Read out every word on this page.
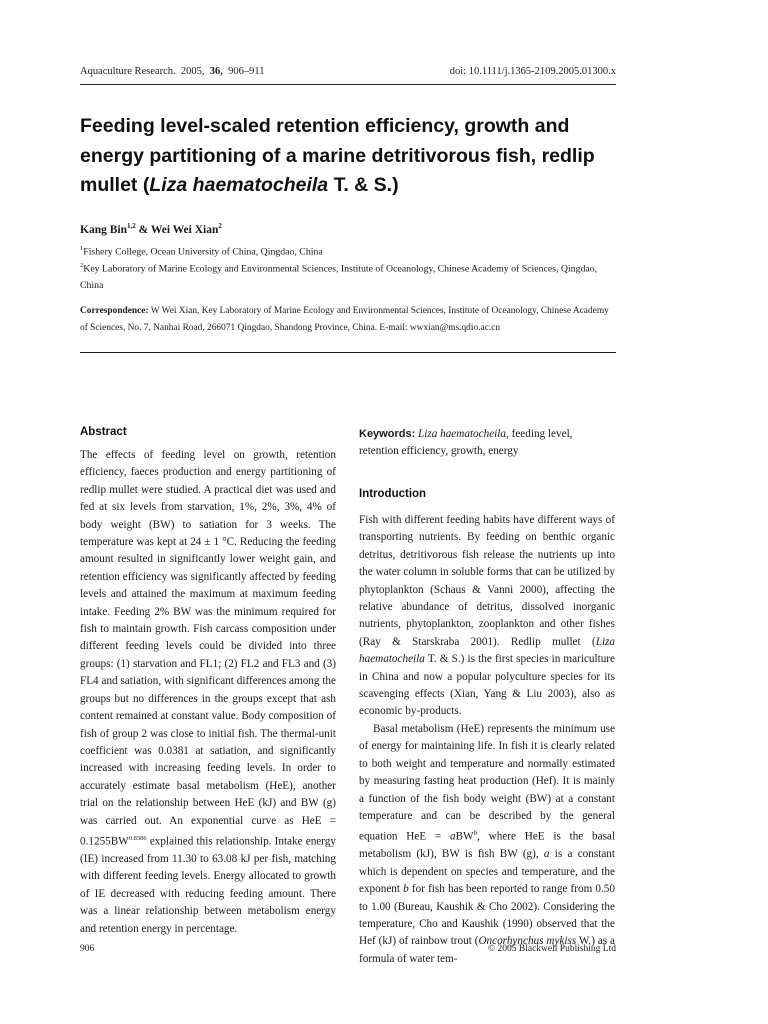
Aquaculture Research. 2005, 36, 906–911	doi: 10.1111/j.1365-2109.2005.01300.x
Feeding level-scaled retention efficiency, growth and energy partitioning of a marine detritivorous fish, redlip mullet (Liza haematocheila T. & S.)
Kang Bin$^{1,2}$ & Wei Wei Xian$^2$
$^1$Fishery College, Ocean University of China, Qingdao, China
$^2$Key Laboratory of Marine Ecology and Environmental Sciences, Institute of Oceanology, Chinese Academy of Sciences, Qingdao, China
Correspondence: W Wei Xian, Key Laboratory of Marine Ecology and Environmental Sciences, Institute of Oceanology, Chinese Academy of Sciences, No. 7, Nanhai Road, 266071 Qingdao, Shandong Province, China. E-mail: wwxian@ms.qdio.ac.cn
Abstract

The effects of feeding level on growth, retention efficiency, faeces production and energy partitioning of redlip mullet were studied. A practical diet was used and fed at six levels from starvation, 1%, 2%, 3%, 4% of body weight (BW) to satiation for 3 weeks. The temperature was kept at 24 ± 1 °C. Reducing the feeding amount resulted in significantly lower weight gain, and retention efficiency was significantly affected by feeding levels and attained the maximum at maximum feeding intake. Feeding 2% BW was the minimum required for fish to maintain growth. Fish carcass composition under different feeding levels could be divided into three groups: (1) starvation and FL1; (2) FL2 and FL3 and (3) FL4 and satiation, with significant differences among the groups but no differences in the groups except that ash content remained at constant value. Body composition of fish of group 2 was close to initial fish. The thermal-unit coefficient was 0.0381 at satiation, and significantly increased with increasing feeding levels. In order to accurately estimate basal metabolism (HeE), another trial on the relationship between HeE (kJ) and BW (g) was carried out. An exponential curve as HeE = $0.1255BW^{0.8386}$ explained this relationship. Intake energy (IE) increased from 11.30 to 63.08 kJ per fish, matching with different feeding levels. Energy allocated to growth of IE decreased with reducing feeding amount. There was a linear relationship between metabolism energy and retention energy in percentage.

Keywords: Liza haematocheila, feeding level, retention efficiency, growth, energy

Introduction

Fish with different feeding habits have different ways of transporting nutrients. By feeding on benthic organic detritus, detritivorous fish release the nutrients up into the water column in soluble forms that can be utilized by phytoplankton (Schaus & Vanni 2000), affecting the relative abundance of detritus, dissolved inorganic nutrients, phytoplankton, zooplankton and other fishes (Ray & Starskraba 2001). Redlip mullet (Liza haematocheila T. & S.) is the first species in mariculture in China and now a popular polyculture species for its scavenging effects (Xian, Yang & Liu 2003), also as economic by-products.

Basal metabolism (HeE) represents the minimum use of energy for maintaining life. In fish it is clearly related to both weight and temperature and normally estimated by measuring fasting heat production (Hef). It is mainly a function of the fish body weight (BW) at a constant temperature and can be described by the general equation HeE = aBW$^b$, where HeE is the basal metabolism (kJ), BW is fish BW (g), a is a constant which is dependent on species and temperature, and the exponent b for fish has been reported to range from 0.50 to 1.00 (Bureau, Kaushik & Cho 2002). Considering the temperature, Cho and Kaushik (1990) observed that the Hef (kJ) of rainbow trout (Oncorhynchus mykiss W.) as a formula of water tem-

906	© 2005 Blackwell Publishing Ltd
